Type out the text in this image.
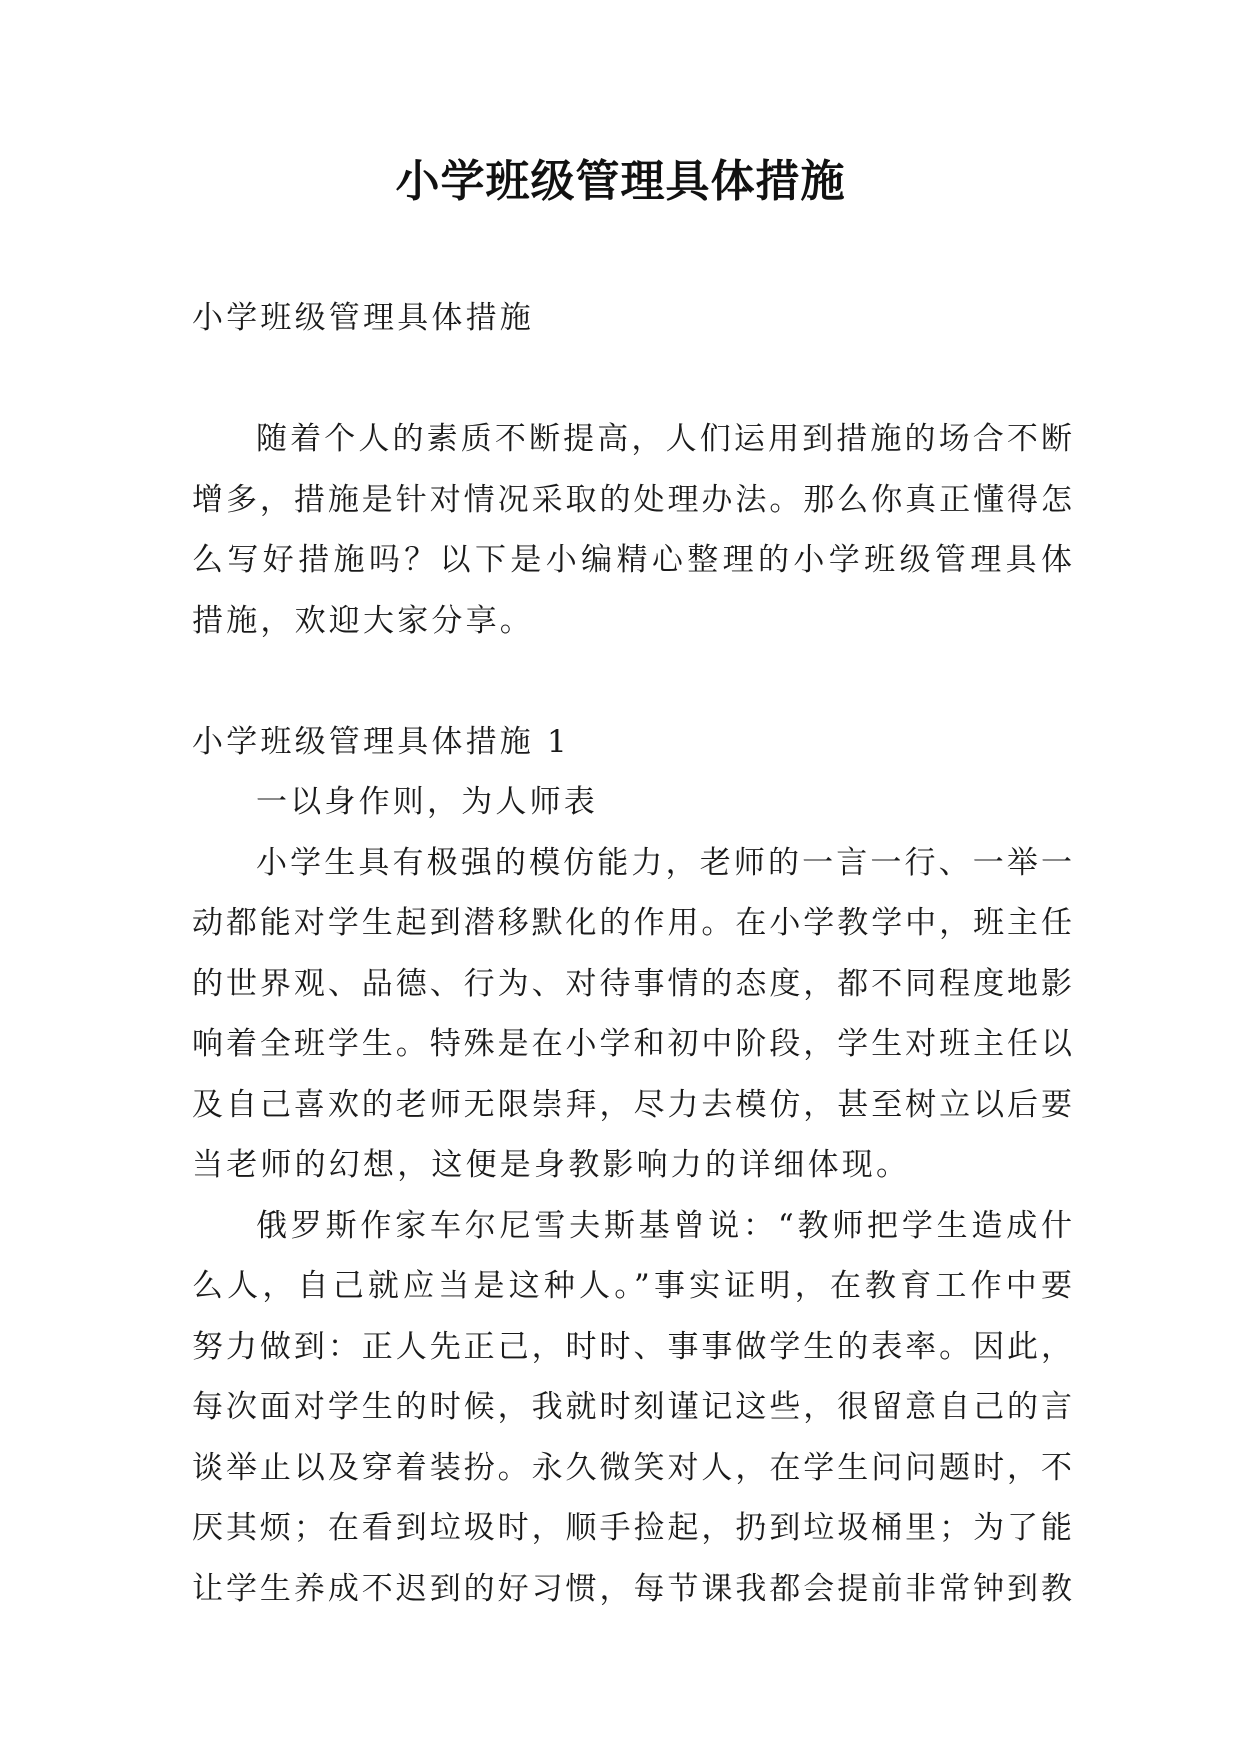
小学班级管理具体措施
小学班级管理具体措施
随着个人的素质不断提高，人们运用到措施的场合不断
增多，措施是针对情况采取的处理办法。那么你真正懂得怎
么写好措施吗？以下是小编精心整理的小学班级管理具体
措施，欢迎大家分享。
小学班级管理具体措施 1
一以身作则，为人师表
小学生具有极强的模仿能力，老师的一言一行、一举一
动都能对学生起到潜移默化的作用。在小学教学中，班主任
的世界观、品德、行为、对待事情的态度，都不同程度地影
响着全班学生。特殊是在小学和初中阶段，学生对班主任以
及自己喜欢的老师无限崇拜，尽力去模仿，甚至树立以后要
当老师的幻想，这便是身教影响力的详细体现。
俄罗斯作家车尔尼雪夫斯基曾说：“教师把学生造成什
么人，自己就应当是这种人。”事实证明，在教育工作中要
努力做到：正人先正己，时时、事事做学生的表率。因此，
每次面对学生的时候，我就时刻谨记这些，很留意自己的言
谈举止以及穿着装扮。永久微笑对人，在学生问问题时，不
厌其烦；在看到垃圾时，顺手捡起，扔到垃圾桶里；为了能
让学生养成不迟到的好习惯，每节课我都会提前非常钟到教
